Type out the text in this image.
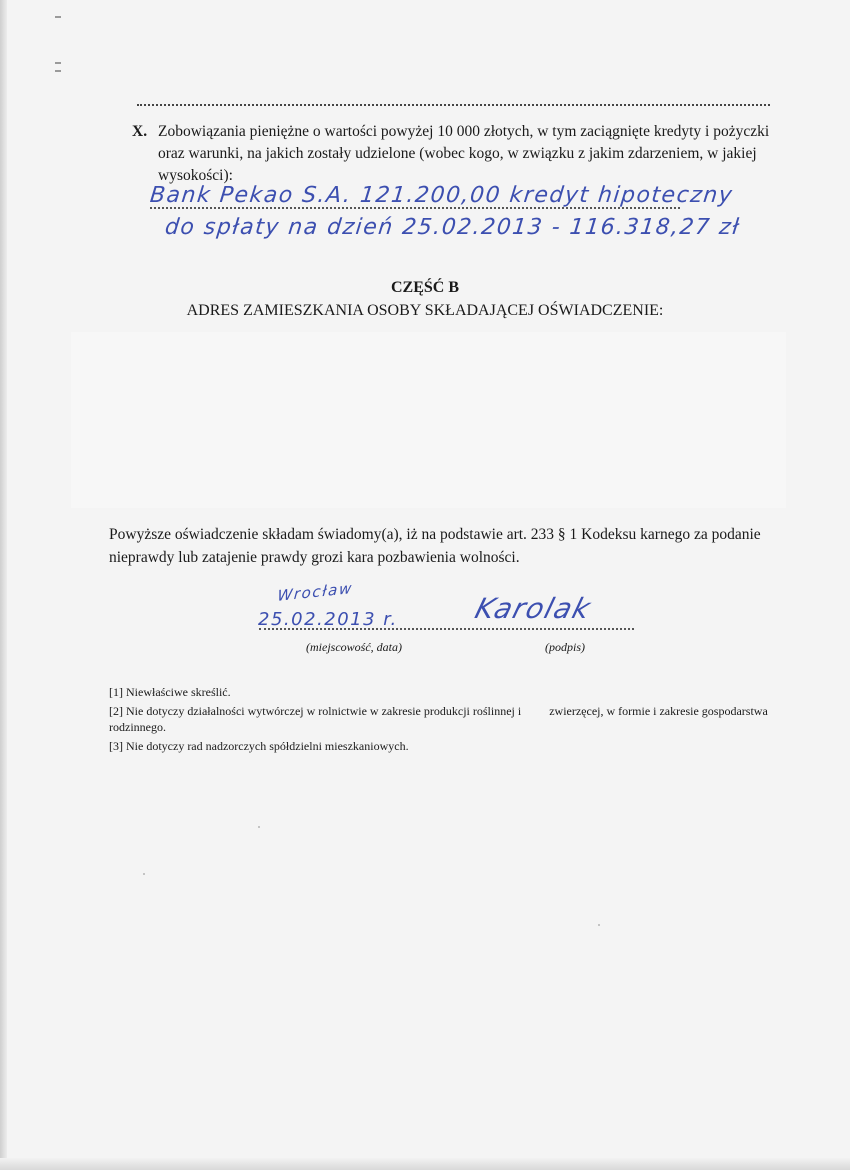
X. Zobowiązania pieniężne o wartości powyżej 10 000 złotych, w tym zaciągnięte kredyty i pożyczki oraz warunki, na jakich zostały udzielone (wobec kogo, w związku z jakim zdarzeniem, w jakiej wysokości):
Bank Pekao S.A. 121.200,00 kredyt hipoteczny
do spłaty na dzień 25.02.2013 - 116.318,27 zł
CZĘŚĆ B
ADRES ZAMIESZKANIA OSOBY SKŁADAJĄCEJ OŚWIADCZENIE:
Powyższe oświadczenie składam świadomy(a), iż na podstawie art. 233 § 1 Kodeksu karnego za podanie nieprawdy lub zatajenie prawdy grozi kara pozbawienia wolności.
Wrocław
25.02.2013 r.	Karolak
(miejscowość, data)	(podpis)
[1] Niewłaściwe skreślić.
[2] Nie dotyczy działalności wytwórczej w rolnictwie w zakresie produkcji roślinnej i zwierzęcej, w formie i zakresie gospodarstwa rodzinnego.
[3] Nie dotyczy rad nadzorczych spółdzielni mieszkaniowych.
